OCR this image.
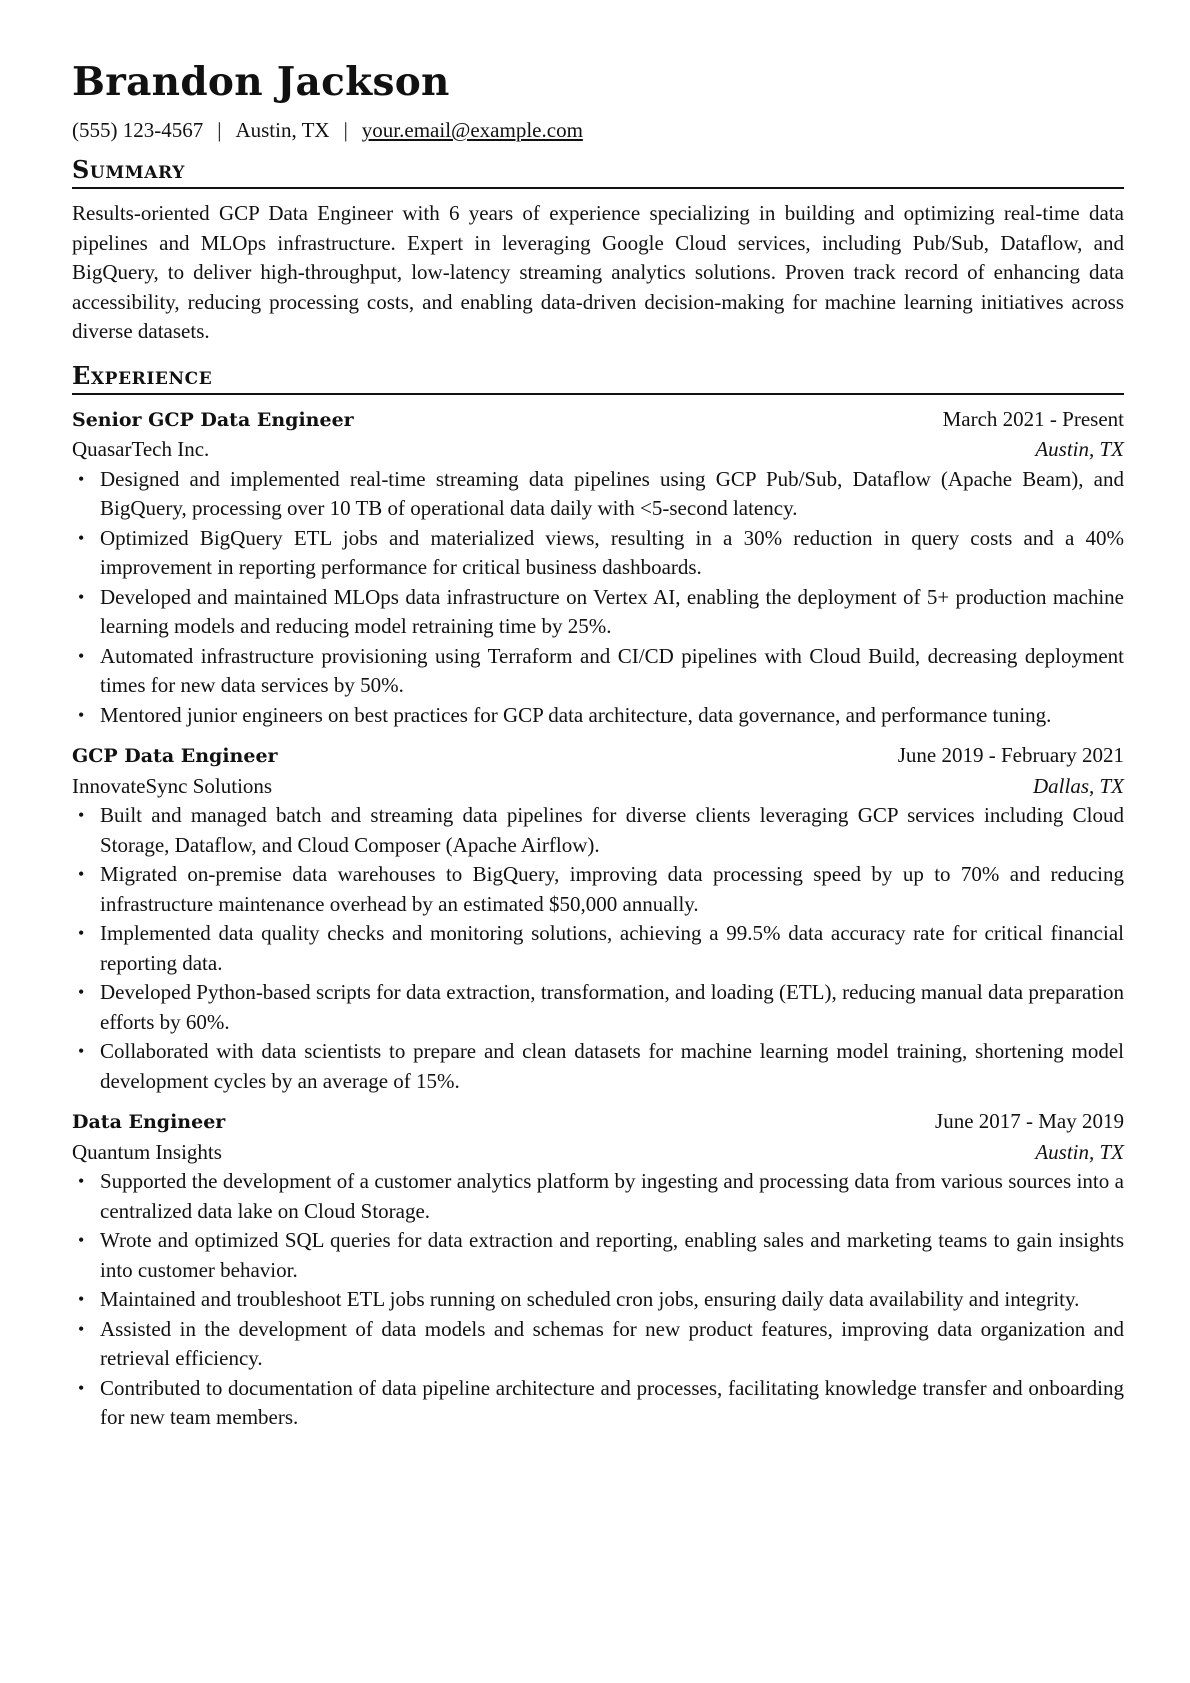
Brandon Jackson
(555) 123-4567 | Austin, TX | your.email@example.com
Summary

Results-oriented GCP Data Engineer with 6 years of experience specializing in building and optimizing real-time data pipelines and MLOps infrastructure. Expert in leveraging Google Cloud services, including Pub/Sub, Dataflow, and BigQuery, to deliver high-throughput, low-latency streaming analytics solutions. Proven track record of enhancing data accessibility, reducing processing costs, and enabling data-driven decision-making for machine learning initiatives across diverse datasets.

Experience
Senior GCP Data Engineer	March 2021 - Present
QuasarTech Inc.	Austin, TX
• Designed and implemented real-time streaming data pipelines using GCP Pub/Sub, Dataflow (Apache Beam), and BigQuery, processing over 10 TB of operational data daily with <5-second latency.
• Optimized BigQuery ETL jobs and materialized views, resulting in a 30% reduction in query costs and a 40% improvement in reporting performance for critical business dashboards.
• Developed and maintained MLOps data infrastructure on Vertex AI, enabling the deployment of 5+ production machine learning models and reducing model retraining time by 25%.
• Automated infrastructure provisioning using Terraform and CI/CD pipelines with Cloud Build, decreasing deployment times for new data services by 50%.
• Mentored junior engineers on best practices for GCP data architecture, data governance, and performance tuning.
GCP Data Engineer	June 2019 - February 2021
InnovateSync Solutions	Dallas, TX
• Built and managed batch and streaming data pipelines for diverse clients leveraging GCP services including Cloud Storage, Dataflow, and Cloud Composer (Apache Airflow).
• Migrated on-premise data warehouses to BigQuery, improving data processing speed by up to 70% and reducing infrastructure maintenance overhead by an estimated $50,000 annually.
• Implemented data quality checks and monitoring solutions, achieving a 99.5% data accuracy rate for critical financial reporting data.
• Developed Python-based scripts for data extraction, transformation, and loading (ETL), reducing manual data preparation efforts by 60%.
• Collaborated with data scientists to prepare and clean datasets for machine learning model training, shortening model development cycles by an average of 15%.
Data Engineer	June 2017 - May 2019
Quantum Insights	Austin, TX
• Supported the development of a customer analytics platform by ingesting and processing data from various sources into a centralized data lake on Cloud Storage.
• Wrote and optimized SQL queries for data extraction and reporting, enabling sales and marketing teams to gain insights into customer behavior.
• Maintained and troubleshoot ETL jobs running on scheduled cron jobs, ensuring daily data availability and integrity.
• Assisted in the development of data models and schemas for new product features, improving data organization and retrieval efficiency.
• Contributed to documentation of data pipeline architecture and processes, facilitating knowledge transfer and onboarding for new team members.
